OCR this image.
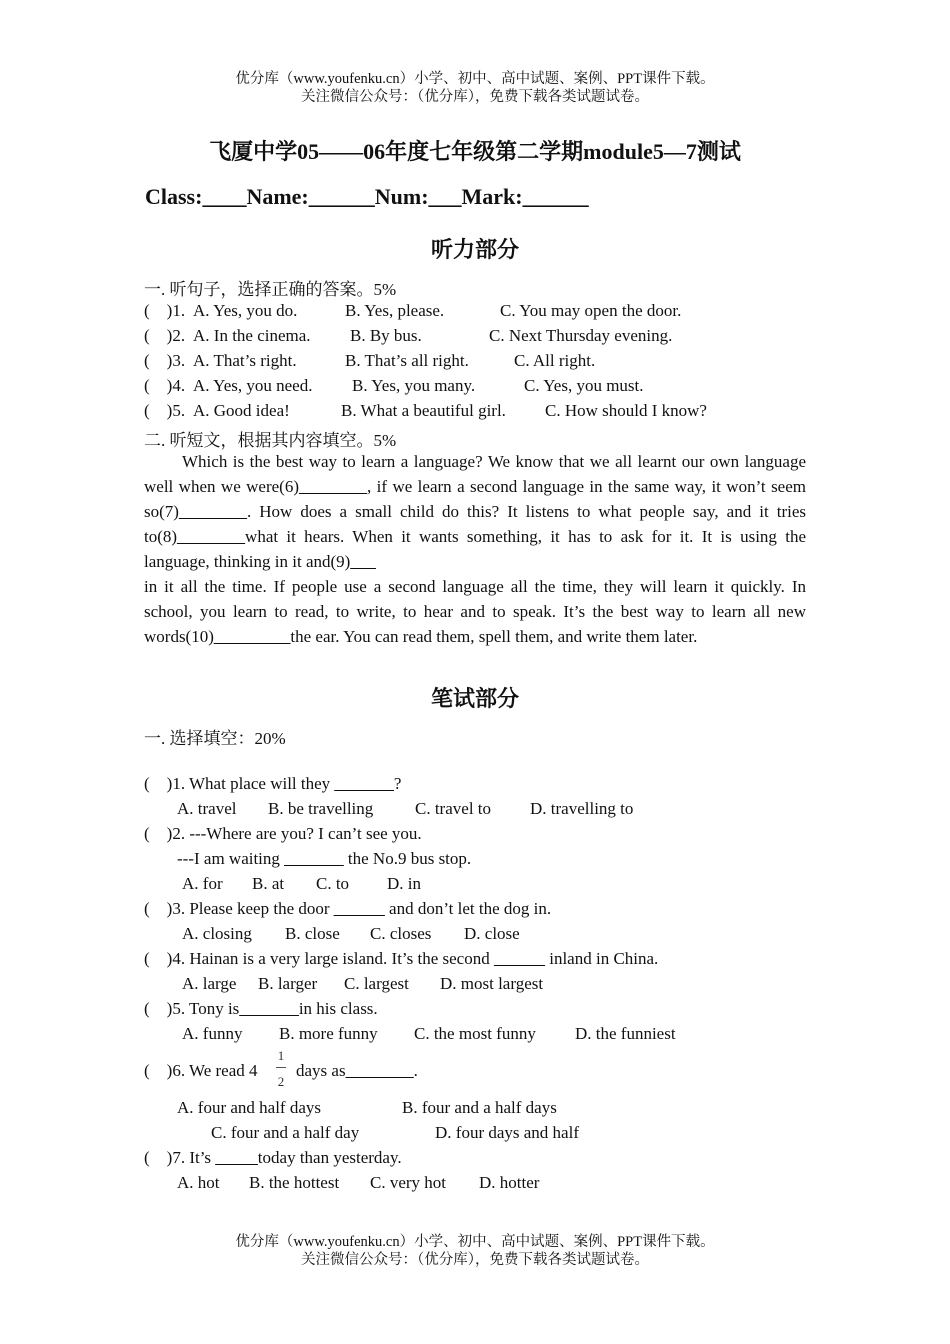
优分库（www.youfenku.cn）小学、初中、高中试题、案例、PPT课件下载。
关注微信公众号：（优分库），免费下载各类试题试卷。
飞厦中学05——06年度七年级第二学期module5—7测试
Class:____Name:______Num:___Mark:______
听力部分
一. 听句子，选择正确的答案。5%
(    )1. A. Yes, you do.	B. Yes, please.	C. You may open the door.
(    )2. A. In the cinema. B. By bus.	C. Next Thursday evening.
(    )3. A. That’s right.	B. That’s all right.	C. All right.
(    )4. A. Yes, you need. B. Yes, you many.	C. Yes, you must.
(    )5. A. Good idea!	B. What a beautiful girl. C. How should I know?
二. 听短文，根据其内容填空。5%

Which is the best way to learn a language? We know that we all learnt our own language well when we were(6)________, if we learn a second language in the same way, it won’t seem so(7)________. How does a small child do this? It listens to what people say, and it tries to(8)________what it hears. When it wants something, it has to ask for it. It is using the language, thinking in it and(9)___

in it all the time. If people use a second language all the time, they will learn it quickly. In school, you learn to read, to write, to hear and to speak. It’s the best way to learn all new words(10)_________the ear. You can read them, spell them, and write them later.

笔试部分
一. 选择填空：20%
(    )1. What place will they _______?
A. travel B. be travelling C. travel to D. travelling to
(    )2. ---Where are you? I can’t see you.
---I am waiting _______ the No.9 bus stop.
A. for B. at C. to D. in
(    )3. Please keep the door ______ and don’t let the dog in.
A. closing B. close C. closes D. close
(    )4. Hainan is a very large island. It’s the second ______ inland in China.
A. large B. larger C. largest D. most largest
(    )5. Tony is_______in his class.
A. funny B. more funny C. the most funny D. the funniest
(    )6. We read 4
1
2
days as________.
A. four and half days	B. four and a half days
C. four and a half day	D. four days and half
(    )7. It’s _____today than yesterday.
A. hot B. the hottest C. very hot D. hotter
优分库（www.youfenku.cn）小学、初中、高中试题、案例、PPT课件下载。
关注微信公众号：（优分库），免费下载各类试题试卷。
